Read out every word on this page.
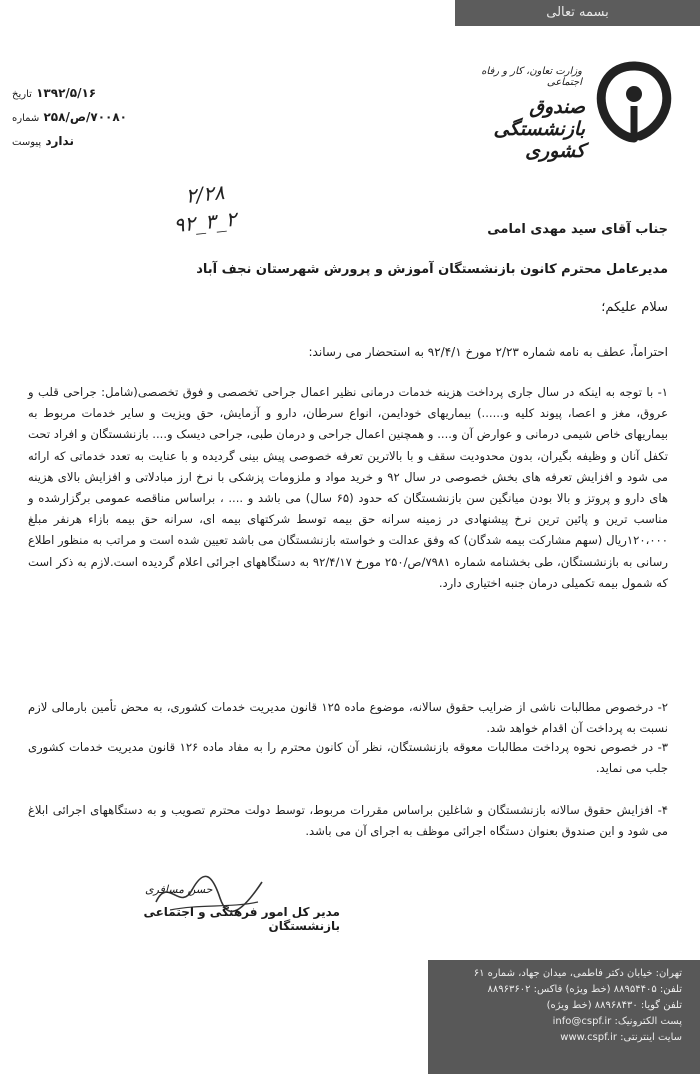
بسمه تعالی
وزارت تعاون، کار و رفاه اجتماعی
صندوق بازنشستگی کشوری
۱۳۹۲/۵/۱۶ تاریخ
۷۰۰۸۰/ص/۲۵۸ شماره
ندارد پیوست
۲/۲۸
۹۲_۳_۲	جناب آقای سید مهدی امامی
مدیرعامل محترم کانون بازنشستگان آموزش و پرورش شهرستان نجف آباد
سلام علیکم؛
احتراماً، عطف به نامه شماره ۲/۲۳ مورخ ۹۲/۴/۱ به استحضار می رساند:
۱- با توجه به اینکه در سال جاری پرداخت هزینه خدمات درمانی نظیر اعمال جراحی تخصصی و فوق تخصصی(شامل: جراحی قلب و عروق، مغز و اعصا، پیوند کلیه و......) بیماریهای خودایمن، انواع سرطان، دارو و آزمایش، حق ویزیت و سایر خدمات مربوط به بیماریهای خاص شیمی درمانی و عوارض آن و.... و همچنین اعمال جراحی و درمان طبی، جراحی دیسک و.... بازنشستگان و افراد تحت تکفل آنان و وظیفه بگیران، بدون محدودیت سقف و با بالاترین تعرفه خصوصی پیش بینی گردیده و با عنایت به تعدد خدماتی که ارائه می شود و افزایش تعرفه های بخش خصوصی در سال ۹۲ و خرید مواد و ملزومات پزشکی با نرخ ارز مبادلاتی و افزایش بالای هزینه های دارو و پروتز و بالا بودن میانگین سن بازنشستگان که حدود (۶۵ سال) می باشد و .... ، براساس مناقصه عمومی برگزارشده و مناسب ترین و پائین ترین نرخ پیشنهادی در زمینه سرانه حق بیمه توسط شرکتهای بیمه ای، سرانه حق بیمه بازاء هرنفر مبلغ ۱۲۰،۰۰۰ریال (سهم مشارکت بیمه شدگان) که وفق عدالت و خواسته بازنشستگان می باشد تعیین شده است و مراتب به منظور اطلاع رسانی به بازنشستگان، طی بخشنامه شماره ۷۹۸۱/ص/۲۵۰ مورخ ۹۲/۴/۱۷ به دستگاههای اجرائی اعلام گردیده است.لازم به ذکر است که شمول بیمه تکمیلی درمان جنبه اختیاری دارد.
۲- درخصوص مطالبات ناشی از ضرایب حقوق سالانه، موضوع ماده ۱۲۵ قانون مدیریت خدمات کشوری، به محض تأمین بارمالی لازم نسبت به پرداخت آن اقدام خواهد شد.
۳- در خصوص نحوه پرداخت مطالبات معوقه بازنشستگان، نظر آن کانون محترم را به مفاد ماده ۱۲۶ قانون مدیریت خدمات کشوری جلب می نماید.
۴- افزایش حقوق سالانه بازنشستگان و شاغلین براساس مقررات مربوط، توسط دولت محترم تصویب و به دستگاههای اجرائی ابلاغ می شود و این صندوق بعنوان دستگاه اجرائی موظف به اجرای آن می باشد.
حسن مسافری
مدیر کل امور فرهنگی و اجتماعی بازنشستگان
تهران: خیابان دکتر فاطمی، میدان جهاد، شماره ۶۱
تلفن: ۸۸۹۵۴۴۰۵ (خط ویژه) فاکس: ۸۸۹۶۳۶۰۲
تلفن گویا: ۸۸۹۶۸۴۳۰ (خط ویژه)
پست الکترونیک: info@cspf.ir
سایت اینترنتی: www.cspf.ir
